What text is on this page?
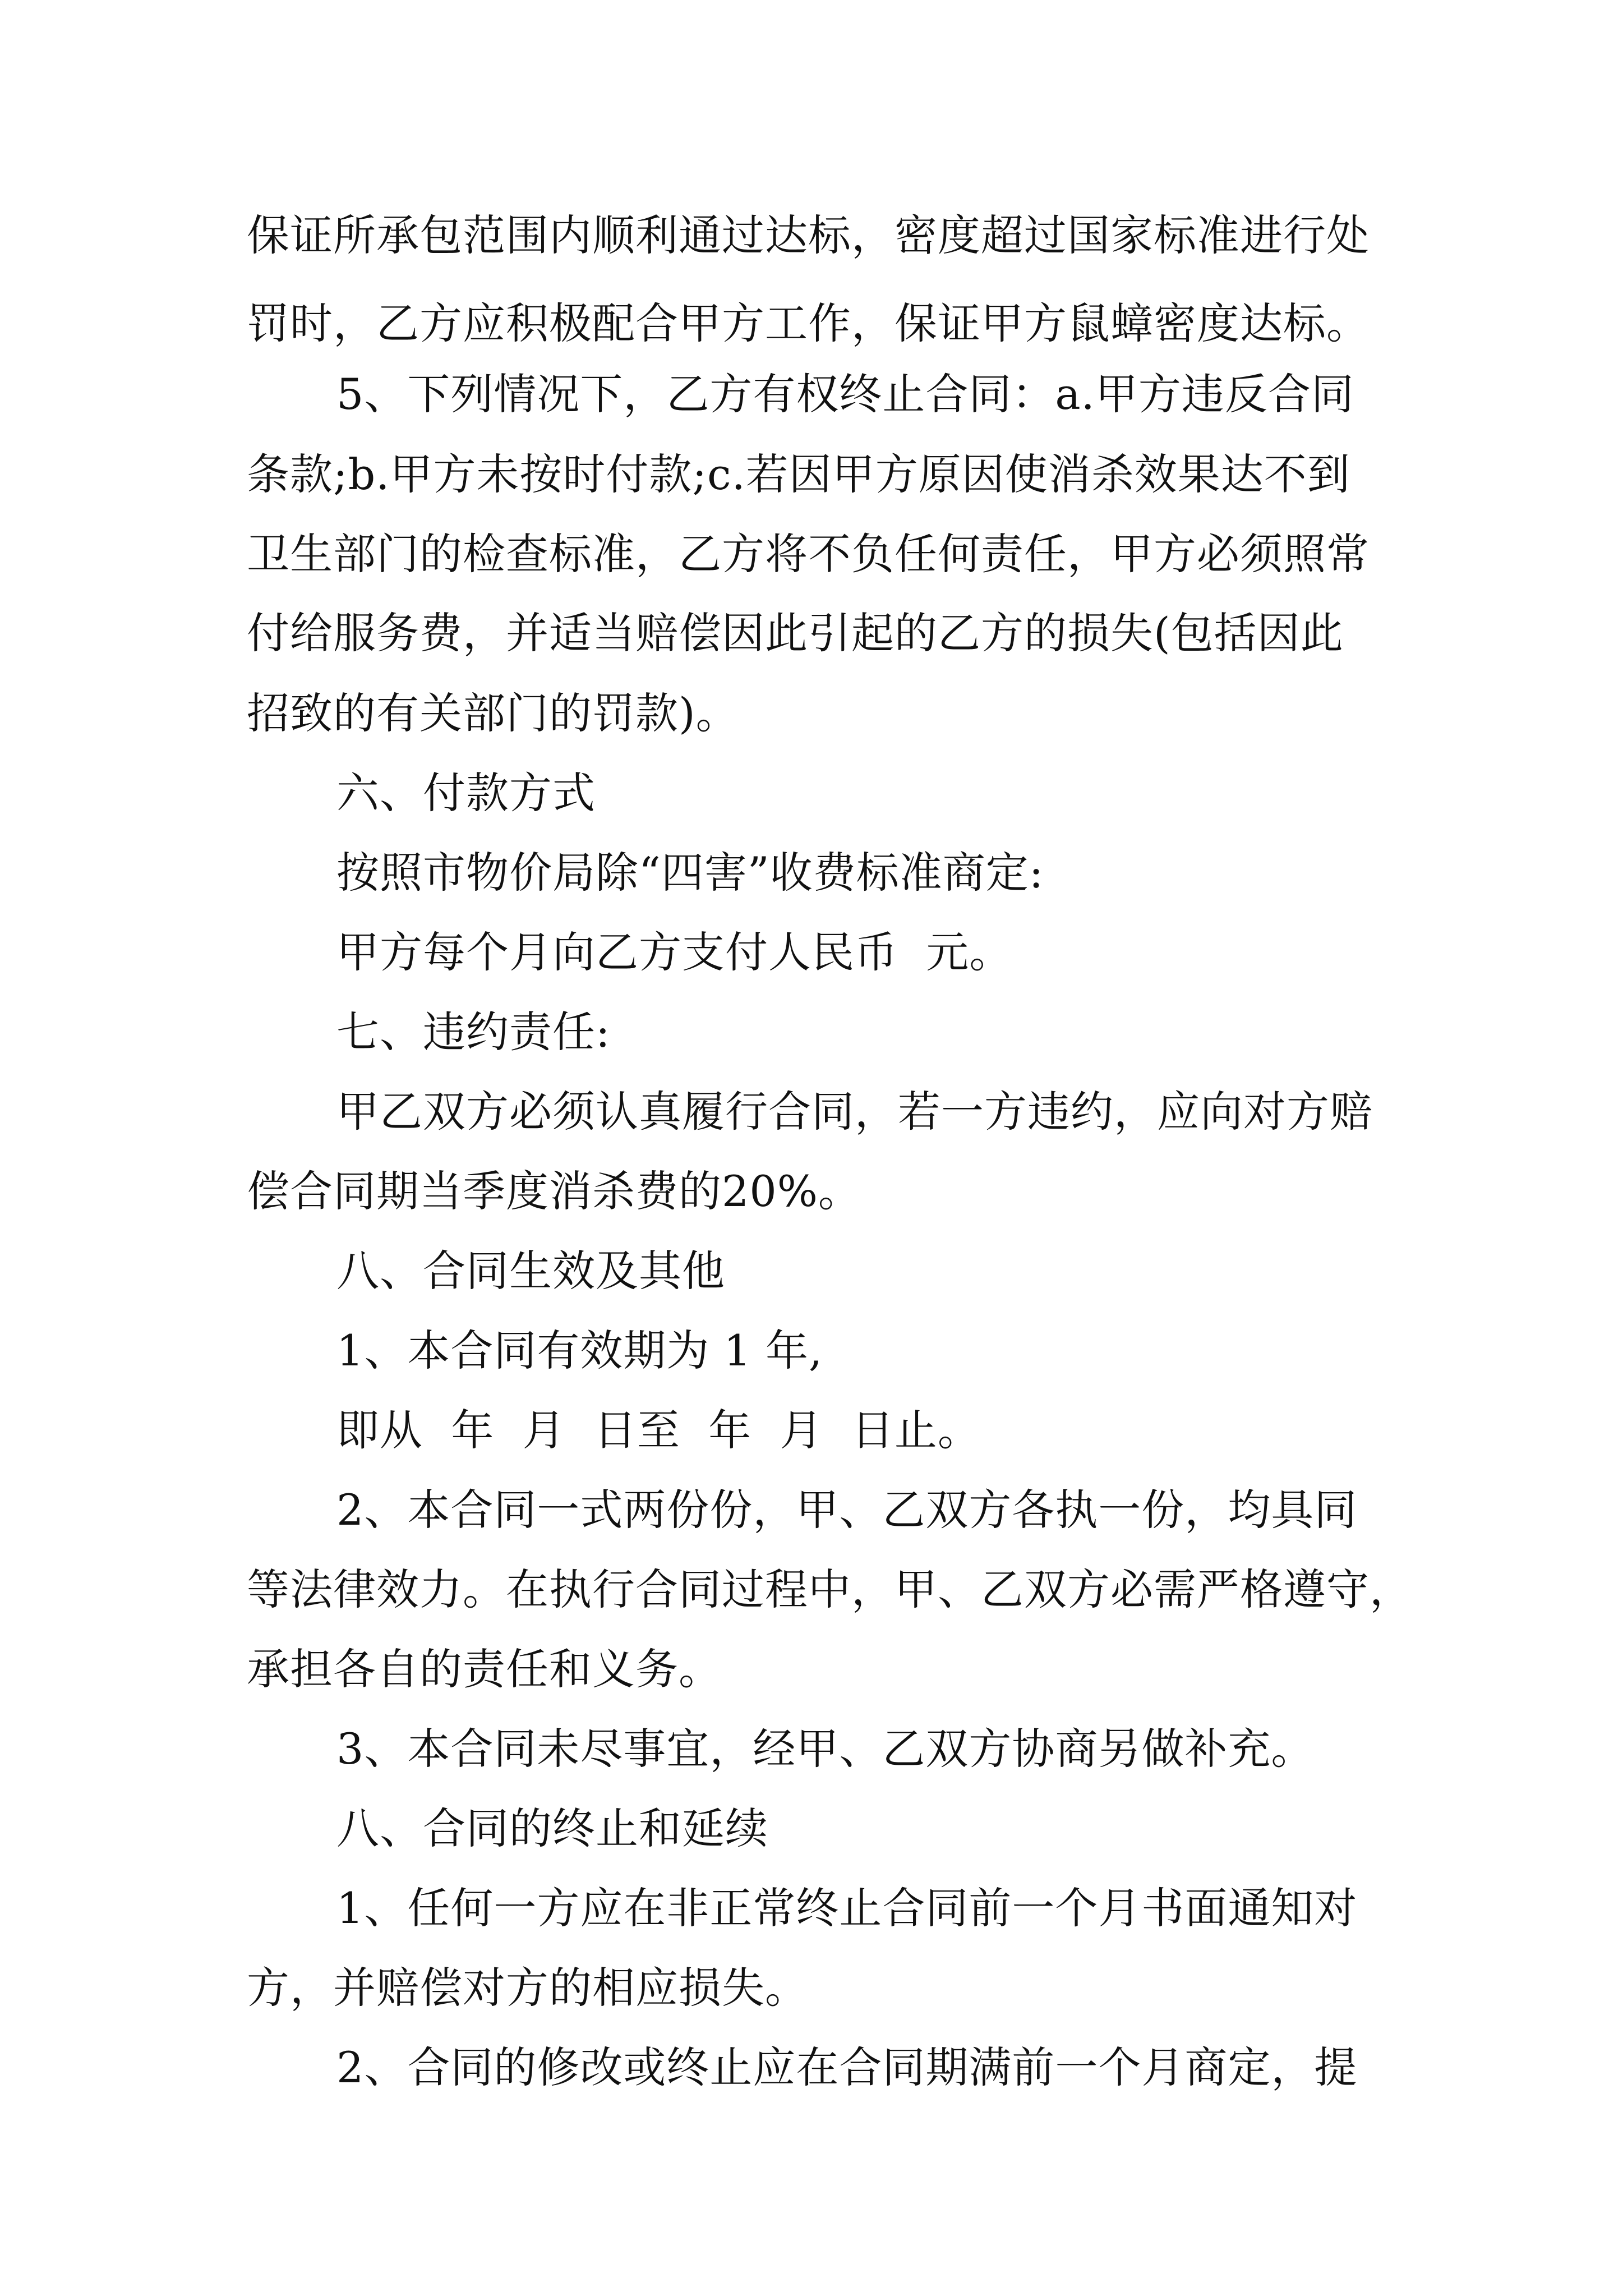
保证所承包范围内顺利通过达标，密度超过国家标准进行处
罚时，乙方应积极配合甲方工作，保证甲方鼠蟑密度达标。
5、下列情况下，乙方有权终止合同：a.甲方违反合同
条款;b.甲方未按时付款;c.若因甲方原因使消杀效果达不到
卫生部门的检查标准，乙方将不负任何责任，甲方必须照常
付给服务费，并适当赔偿因此引起的乙方的损失(包括因此
招致的有关部门的罚款)。
六、付款方式
按照市物价局除“四害”收费标准商定:
甲方每个月向乙方支付人民币  元。
七、违约责任:
甲乙双方必须认真履行合同，若一方违约，应向对方赔
偿合同期当季度消杀费的20%。
八、合同生效及其他
1、本合同有效期为 1 年,
即从  年  月  日至  年  月  日止。
2、本合同一式两份份，甲、乙双方各执一份，均具同
等法律效力。在执行合同过程中，甲、乙双方必需严格遵守，
承担各自的责任和义务。
3、本合同未尽事宜，经甲、乙双方协商另做补充。
八、合同的终止和延续
1、任何一方应在非正常终止合同前一个月书面通知对
方，并赔偿对方的相应损失。
2、合同的修改或终止应在合同期满前一个月商定，提
